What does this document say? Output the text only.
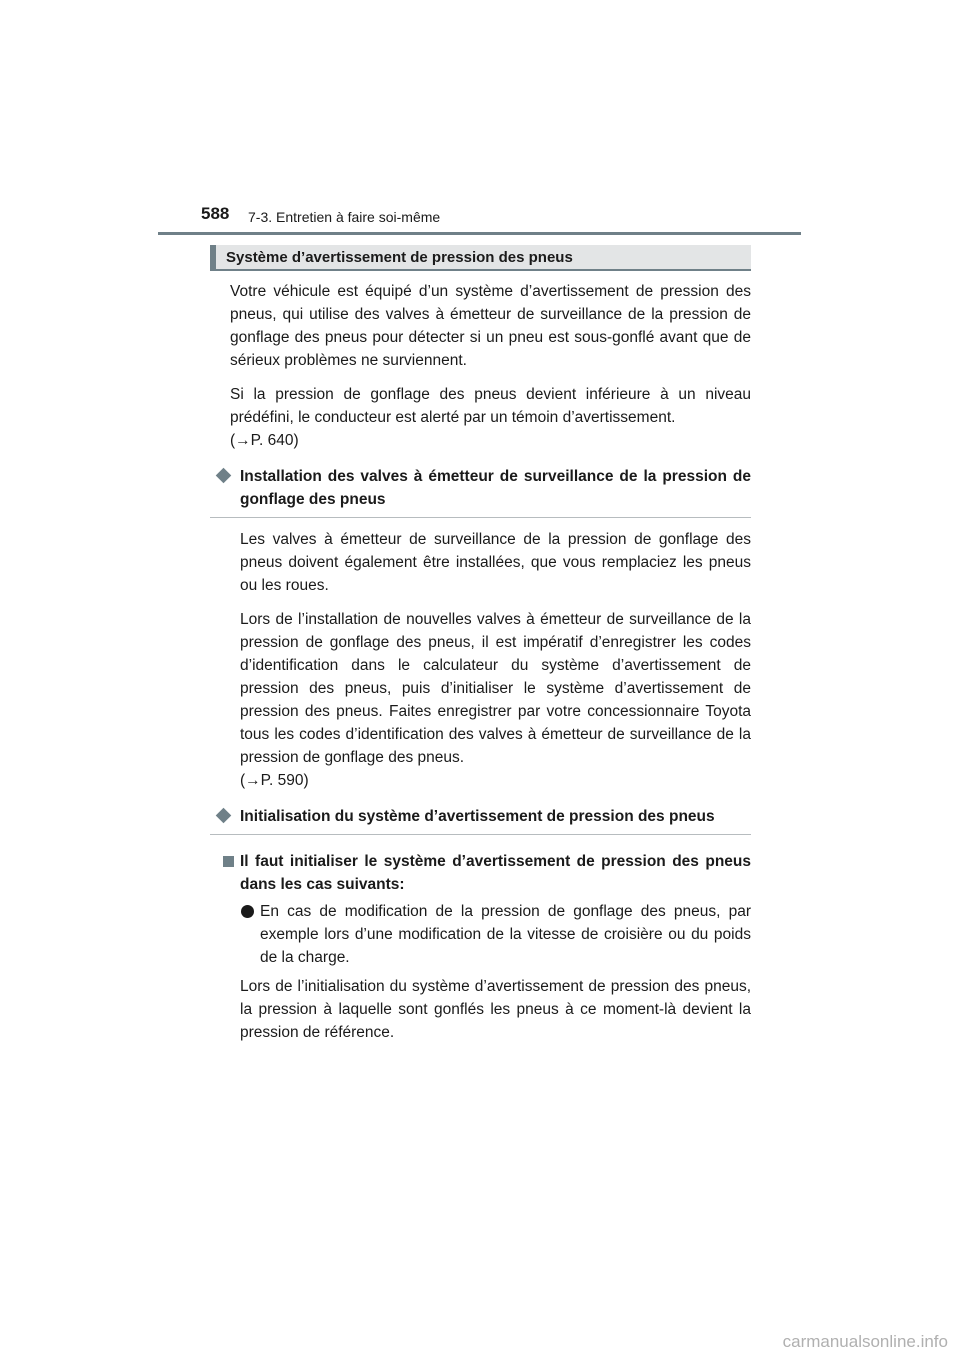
588 7-3. Entretien à faire soi-même
Système d’avertissement de pression des pneus

Votre véhicule est équipé d’un système d’avertissement de pression des pneus, qui utilise des valves à émetteur de surveillance de la pression de gonflage des pneus pour détecter si un pneu est sous-gonflé avant que de sérieux problèmes ne surviennent.

Si la pression de gonflage des pneus devient inférieure à un niveau prédéfini, le conducteur est alerté par un témoin d’avertissement.

(→P. 640)

Installation des valves à émetteur de surveillance de la pression de gonflage des pneus

Les valves à émetteur de surveillance de la pression de gonflage des pneus doivent également être installées, que vous remplaciez les pneus ou les roues.

Lors de l’installation de nouvelles valves à émetteur de surveillance de la pression de gonflage des pneus, il est impératif d’enregistrer les codes d’identification dans le calculateur du système d’avertissement de pression des pneus, puis d’initialiser le système d’avertissement de pression des pneus. Faites enregistrer par votre concessionnaire Toyota tous les codes d’identification des valves à émetteur de surveillance de la pression de gonflage des pneus.

(→P. 590)

Initialisation du système d’avertissement de pression des pneus
Il faut initialiser le système d’avertissement de pression des pneus dans les cas suivants:
En cas de modification de la pression de gonflage des pneus, par exemple lors d’une modification de la vitesse de croisière ou du poids de la charge.

Lors de l’initialisation du système d’avertissement de pression des pneus, la pression à laquelle sont gonflés les pneus à ce moment-là devient la pression de référence.

carmanualsonline.info
